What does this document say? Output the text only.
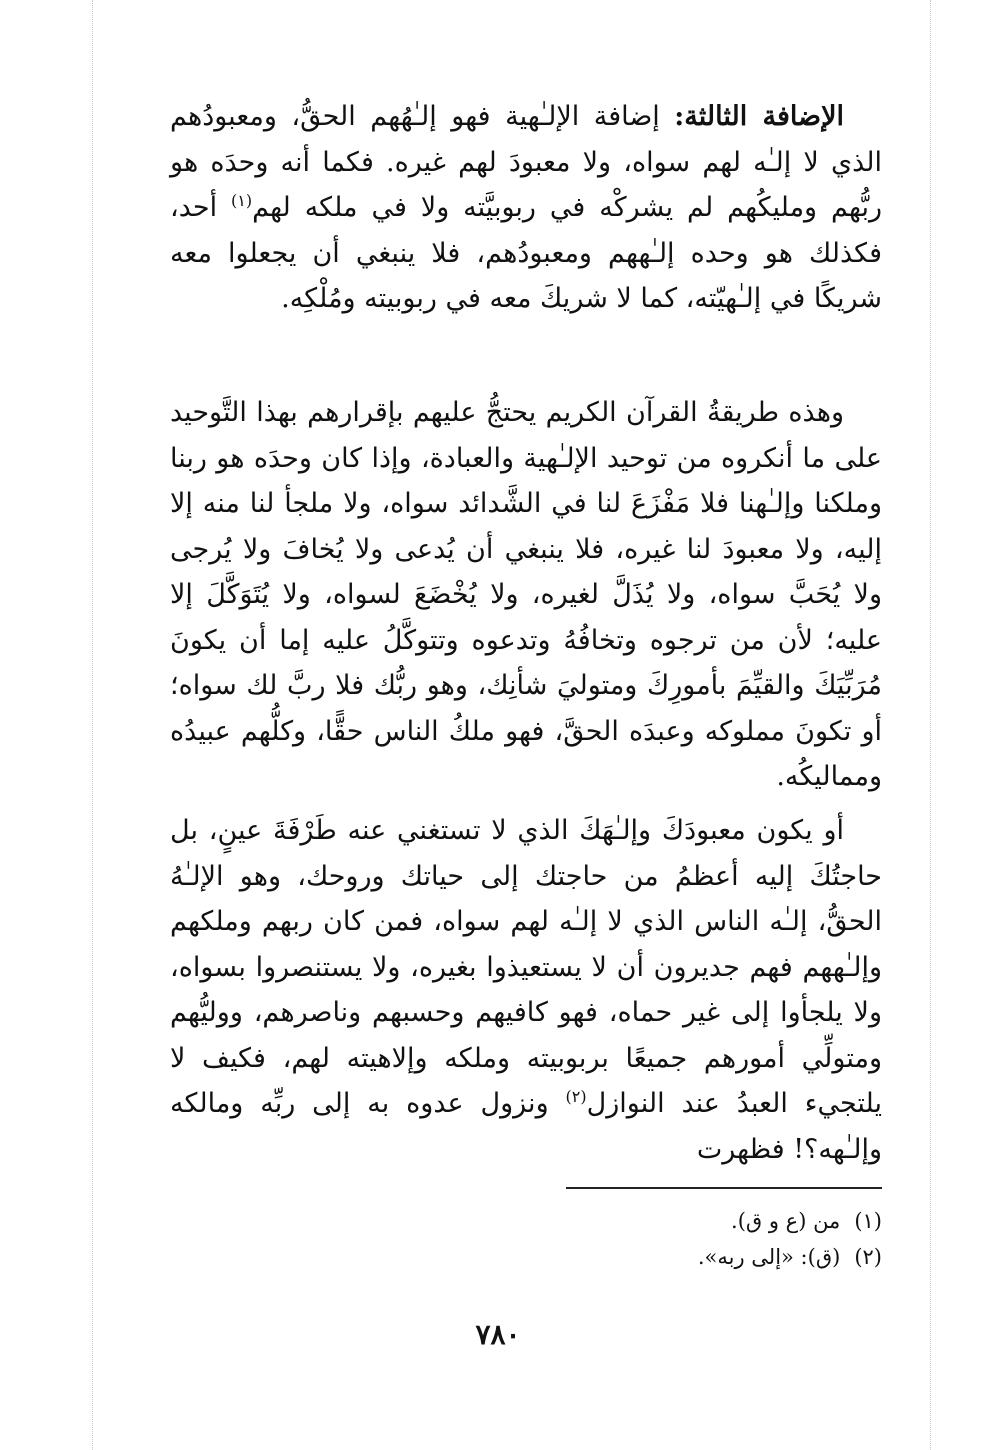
الإضافة الثالثة: إضافة الإلـٰهية فهو إلـٰهُهم الحقُّ، ومعبودُهم الذي لا إلـٰه لهم سواه، ولا معبودَ لهم غيره. فكما أنه وحدَه هو ربُّهم ومليكُهم لم يشركْه في ربوبيَّته ولا في ملكه لهم$^{(١)}$ أحد، فكذلك هو وحده إلـٰههم ومعبودُهم، فلا ينبغي أن يجعلوا معه شريكًا في إلـٰهيّته، كما لا شريكَ معه في ربوبيته ومُلْكِه.

وهذه طريقةُ القرآن الكريم يحتجُّ عليهم بإقرارهم بهذا التَّوحيد على ما أنكروه من توحيد الإلـٰهية والعبادة، وإذا كان وحدَه هو ربنا وملكنا وإلـٰهنا فلا مَفْزَعَ لنا في الشَّدائد سواه، ولا ملجأ لنا منه إلا إليه، ولا معبودَ لنا غيره، فلا ينبغي أن يُدعى ولا يُخافَ ولا يُرجى ولا يُحَبَّ سواه، ولا يُذَلَّ لغيره، ولا يُخْضَعَ لسواه، ولا يُتَوَكَّلَ إلا عليه؛ لأن من ترجوه وتخافُهُ وتدعوه وتتوكَّلُ عليه إما أن يكونَ مُرَبِّيَكَ والقيِّمَ بأمورِكَ ومتوليَ شأنِك، وهو ربُّك فلا ربَّ لك سواه؛ أو تكونَ مملوكه وعبدَه الحقَّ، فهو ملكُ الناس حقًّا، وكلُّهم عبيدُه ومماليكُه.

أو يكون معبودَكَ وإلـٰهَكَ الذي لا تستغني عنه طَرْفَةَ عينٍ، بل حاجتُكَ إليه أعظمُ من حاجتك إلى حياتك وروحك، وهو الإلـٰهُ الحقُّ، إلـٰه الناس الذي لا إلـٰه لهم سواه، فمن كان ربهم وملكهم وإلـٰههم فهم جديرون أن لا يستعيذوا بغيره، ولا يستنصروا بسواه، ولا يلجأوا إلى غير حماه، فهو كافيهم وحسبهم وناصرهم، ووليُّهم ومتولِّي أمورهم جميعًا بربوبيته وملكه وإلاهيته لهم، فكيف لا يلتجيء العبدُ عند النوازل$^{(٢)}$ ونزول عدوه به إلى ربِّه ومالكه وإلـٰهه؟! فظهرت

(١)من (ع و ق).
(٢)(ق): «إلى ربه».
٧٨٠
